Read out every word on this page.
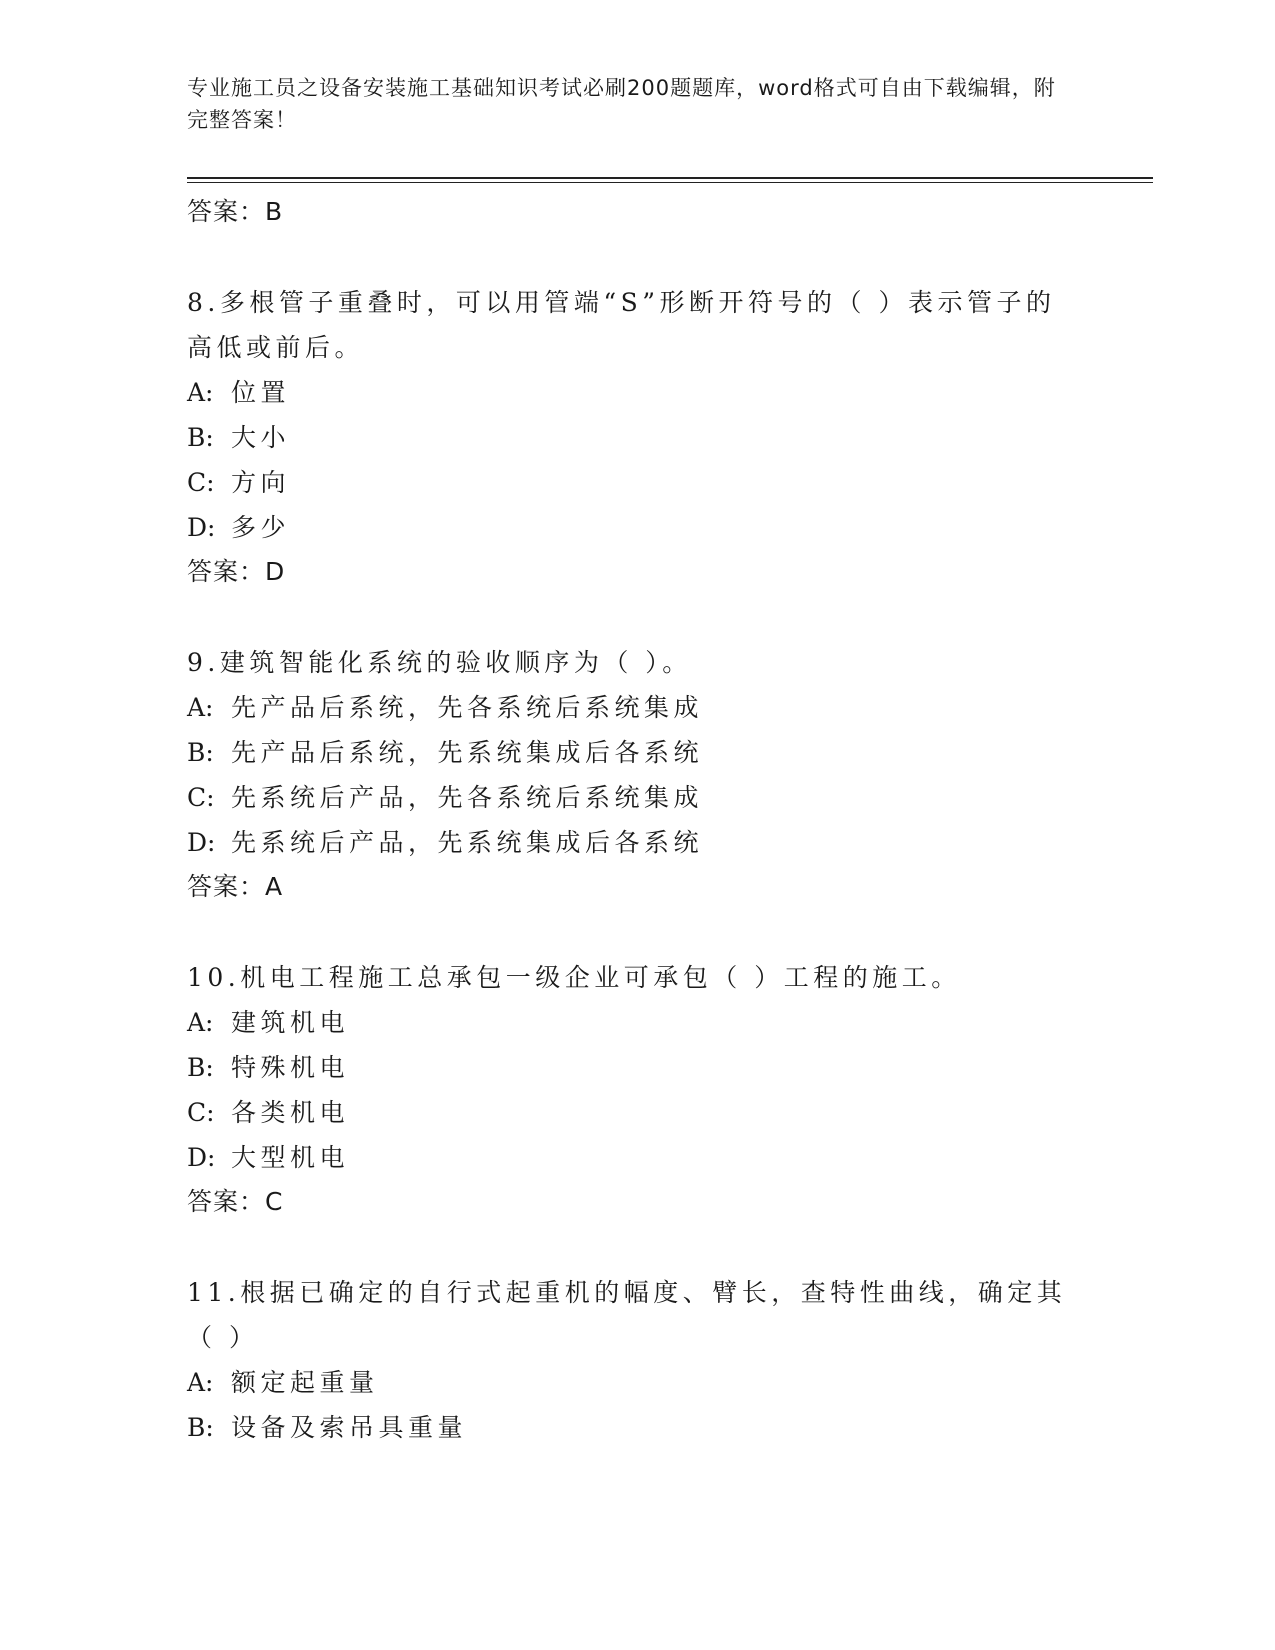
专业施工员之设备安装施工基础知识考试必刷200题题库，word格式可自由下载编辑，附完整答案！
答案：B
8.多根管子重叠时，可以用管端“S”形断开符号的（ ）表示管子的高低或前后。
A: 位置
B: 大小
C: 方向
D: 多少
答案：D
9.建筑智能化系统的验收顺序为（ ）。
A: 先产品后系统，先各系统后系统集成
B: 先产品后系统，先系统集成后各系统
C: 先系统后产品，先各系统后系统集成
D: 先系统后产品，先系统集成后各系统
答案：A
10.机电工程施工总承包一级企业可承包（ ）工程的施工。
A: 建筑机电
B: 特殊机电
C: 各类机电
D: 大型机电
答案：C
11.根据已确定的自行式起重机的幅度、臂长，查特性曲线，确定其（ ）
A: 额定起重量
B: 设备及索吊具重量
